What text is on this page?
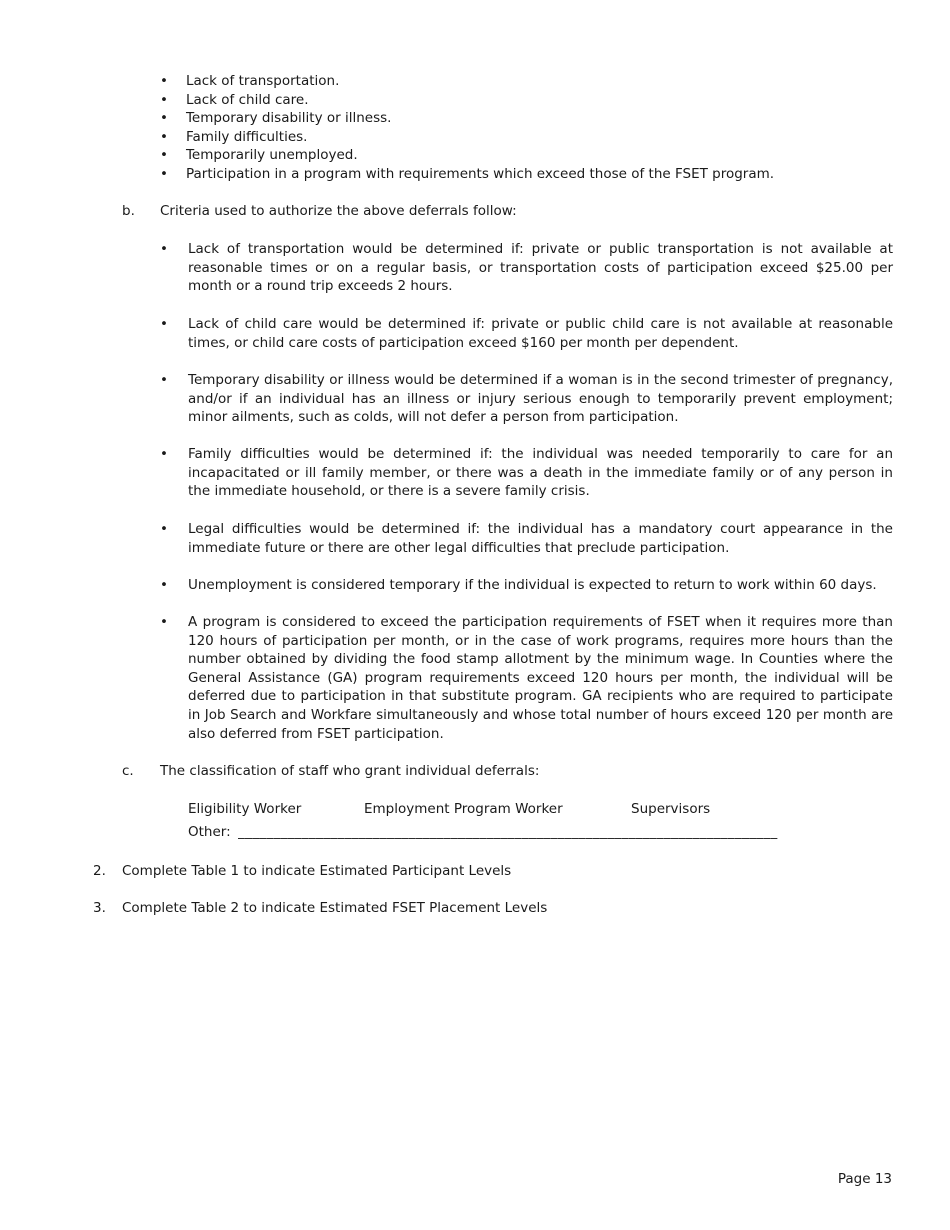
• Lack of transportation.
• Lack of child care.
• Temporary disability or illness.
• Family difficulties.
• Temporarily unemployed.
• Participation in a program with requirements which exceed those of the FSET program.
b. Criteria used to authorize the above deferrals follow:
• Lack of transportation would be determined if: private or public transportation is not available at reasonable times or on a regular basis, or transportation costs of participation exceed $25.00 per month or a round trip exceeds 2 hours.
• Lack of child care would be determined if: private or public child care is not available at reasonable times, or child care costs of participation exceed $160 per month per dependent.
• Temporary disability or illness would be determined if a woman is in the second trimester of pregnancy, and/or if an individual has an illness or injury serious enough to temporarily prevent employment; minor ailments, such as colds, will not defer a person from participation.
• Family difficulties would be determined if: the individual was needed temporarily to care for an incapacitated or ill family member, or there was a death in the immediate family or of any person in the immediate household, or there is a severe family crisis.
• Legal difficulties would be determined if: the individual has a mandatory court appearance in the immediate future or there are other legal difficulties that preclude participation.
• Unemployment is considered temporary if the individual is expected to return to work within 60 days.
• A program is considered to exceed the participation requirements of FSET when it requires more than 120 hours of participation per month, or in the case of work programs, requires more hours than the number obtained by dividing the food stamp allotment by the minimum wage. In Counties where the General Assistance (GA) program requirements exceed 120 hours per month, the individual will be deferred due to participation in that substitute program. GA recipients who are required to participate in Job Search and Workfare simultaneously and whose total number of hours exceed 120 per month are also deferred from FSET participation.
c. The classification of staff who grant individual deferrals:
Eligibility Worker	Employment Program Worker	Supervisors
Other: ____________________________________________________________________________
2. Complete Table 1 to indicate Estimated Participant Levels
3. Complete Table 2 to indicate Estimated FSET Placement Levels
Page 13
